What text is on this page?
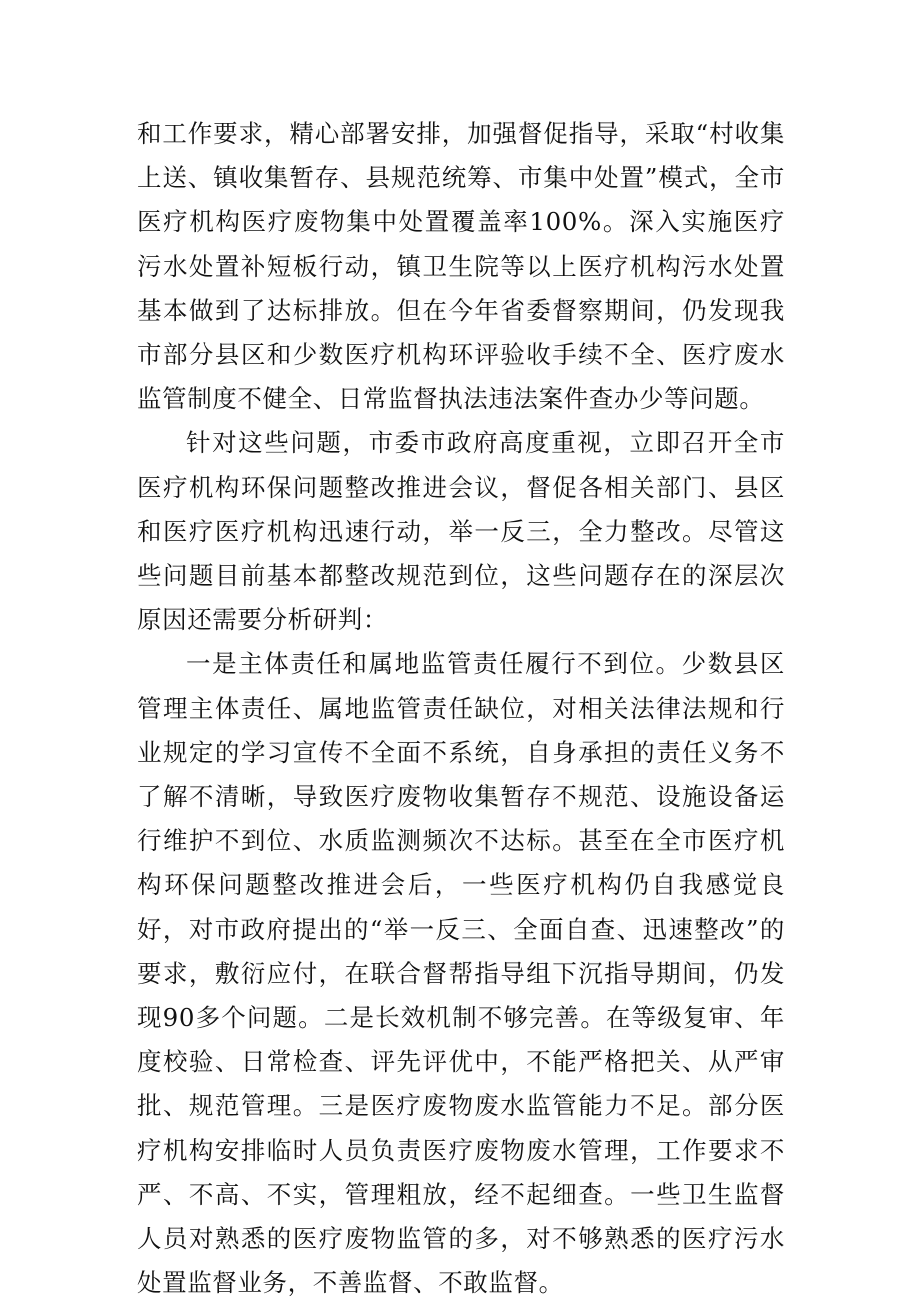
和工作要求，精心部署安排，加强督促指导，采取“村收集上送、镇收集暂存、县规范统筹、市集中处置”模式，全市医疗机构医疗废物集中处置覆盖率100%。深入实施医疗污水处置补短板行动，镇卫生院等以上医疗机构污水处置基本做到了达标排放。但在今年省委督察期间，仍发现我市部分县区和少数医疗机构环评验收手续不全、医疗废水监管制度不健全、日常监督执法违法案件查办少等问题。

针对这些问题，市委市政府高度重视，立即召开全市医疗机构环保问题整改推进会议，督促各相关部门、县区和医疗医疗机构迅速行动，举一反三，全力整改。尽管这些问题目前基本都整改规范到位，这些问题存在的深层次原因还需要分析研判：

一是主体责任和属地监管责任履行不到位。少数县区管理主体责任、属地监管责任缺位，对相关法律法规和行业规定的学习宣传不全面不系统，自身承担的责任义务不了解不清晰，导致医疗废物收集暂存不规范、设施设备运行维护不到位、水质监测频次不达标。甚至在全市医疗机构环保问题整改推进会后，一些医疗机构仍自我感觉良好，对市政府提出的“举一反三、全面自查、迅速整改”的要求，敷衍应付，在联合督帮指导组下沉指导期间，仍发现90多个问题。二是长效机制不够完善。在等级复审、年度校验、日常检查、评先评优中，不能严格把关、从严审批、规范管理。三是医疗废物废水监管能力不足。部分医疗机构安排临时人员负责医疗废物废水管理，工作要求不严、不高、不实，管理粗放，经不起细查。一些卫生监督人员对熟悉的医疗废物监管的多，对不够熟悉的医疗污水处置监督业务，不善监督、不敢监督。
